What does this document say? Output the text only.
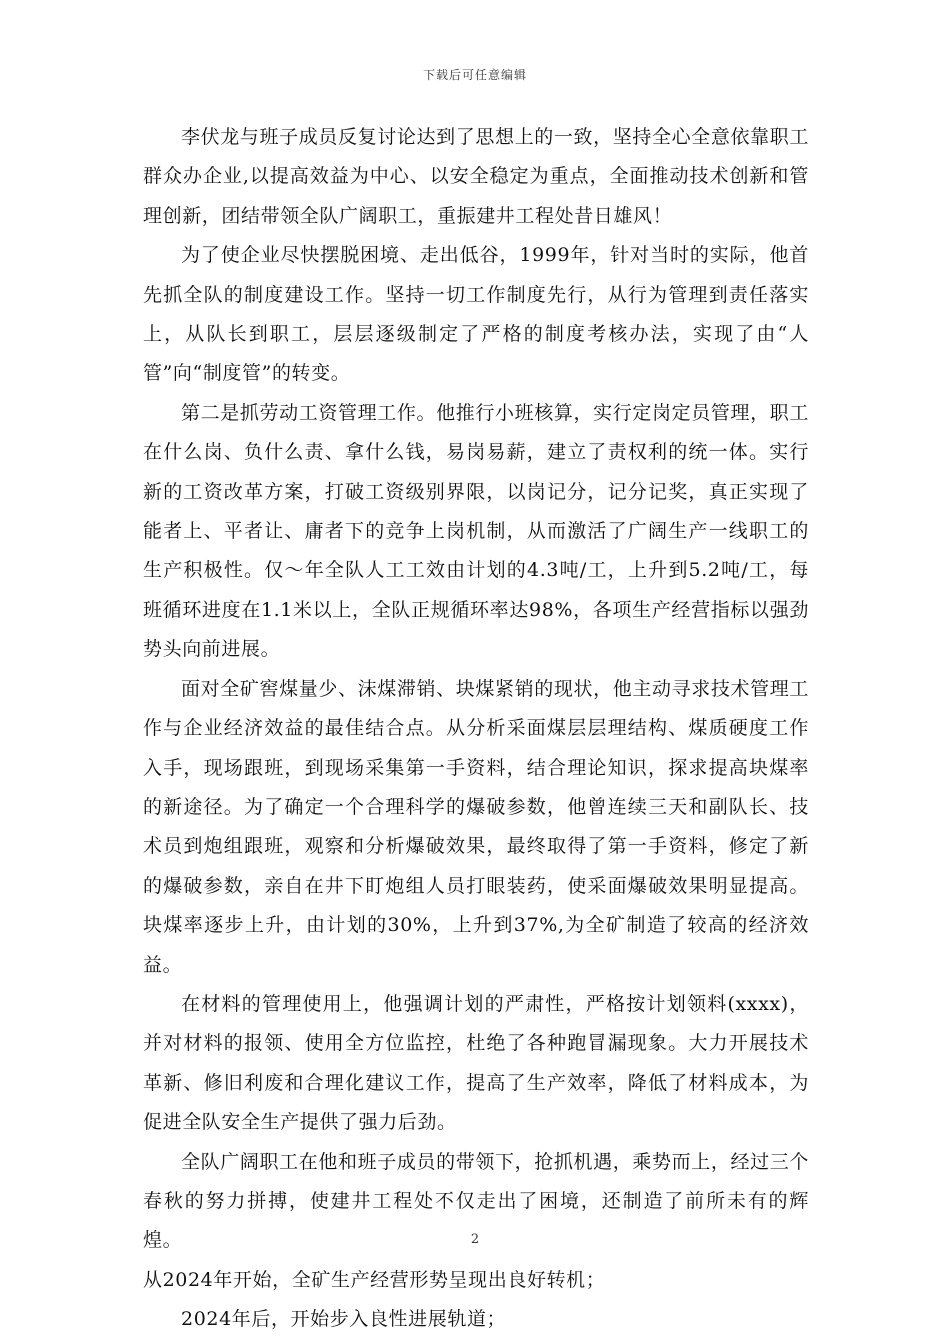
下载后可任意编辑

李伏龙与班子成员反复讨论达到了思想上的一致，坚持全心全意依靠职工群众办企业,以提高效益为中心、以安全稳定为重点，全面推动技术创新和管理创新，团结带领全队广阔职工，重振建井工程处昔日雄风！

为了使企业尽快摆脱困境、走出低谷，1999年，针对当时的实际，他首先抓全队的制度建设工作。坚持一切工作制度先行，从行为管理到责任落实上，从队长到职工，层层逐级制定了严格的制度考核办法，实现了由“人管”向“制度管”的转变。

第二是抓劳动工资管理工作。他推行小班核算，实行定岗定员管理，职工在什么岗、负什么责、拿什么钱，易岗易薪，建立了责权利的统一体。实行新的工资改革方案，打破工资级别界限，以岗记分，记分记奖，真正实现了能者上、平者让、庸者下的竞争上岗机制，从而激活了广阔生产一线职工的生产积极性。仅～年全队人工工效由计划的4.3吨/工，上升到5.2吨/工，每班循环进度在1.1米以上，全队正规循环率达98%，各项生产经营指标以强劲势头向前进展。

面对全矿窖煤量少、沫煤滞销、块煤紧销的现状，他主动寻求技术管理工作与企业经济效益的最佳结合点。从分析采面煤层层理结构、煤质硬度工作入手，现场跟班，到现场采集第一手资料，结合理论知识，探求提高块煤率的新途径。为了确定一个合理科学的爆破参数，他曾连续三天和副队长、技术员到炮组跟班，观察和分析爆破效果，最终取得了第一手资料，修定了新的爆破参数，亲自在井下盯炮组人员打眼装药，使采面爆破效果明显提高。块煤率逐步上升，由计划的30%，上升到37%,为全矿制造了较高的经济效益。

在材料的管理使用上，他强调计划的严肃性，严格按计划领料(xxxx)，并对材料的报领、使用全方位监控，杜绝了各种跑冒漏现象。大力开展技术革新、修旧利废和合理化建议工作，提高了生产效率，降低了材料成本，为促进全队安全生产提供了强力后劲。

全队广阔职工在他和班子成员的带领下，抢抓机遇，乘势而上，经过三个春秋的努力拼搏，使建井工程处不仅走出了困境，还制造了前所未有的辉煌。

从2024年开始，全矿生产经营形势呈现出良好转机；

2024年后，开始步入良性进展轨道；

2
